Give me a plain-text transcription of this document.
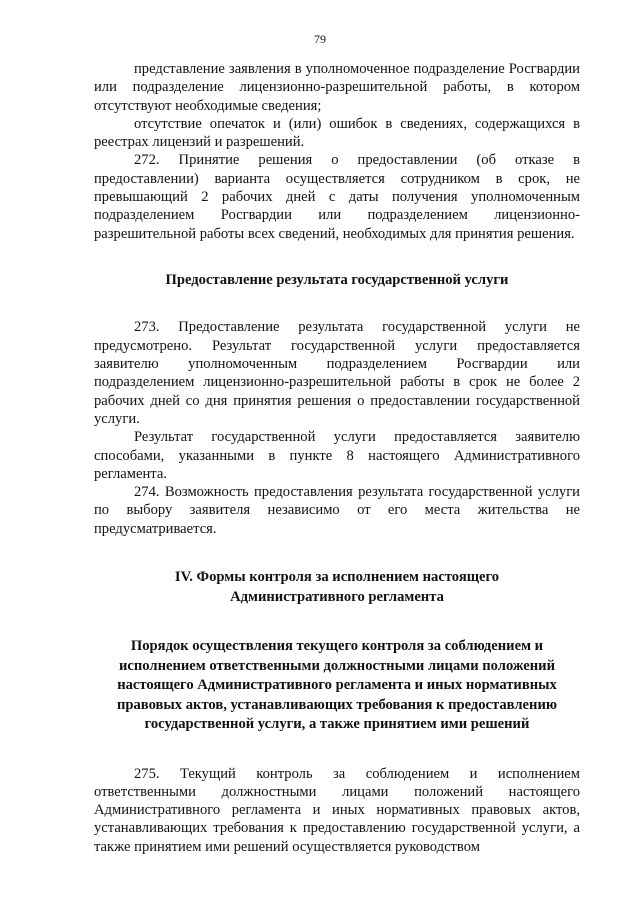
79

представление заявления в уполномоченное подразделение Росгвардии или подразделение лицензионно-разрешительной работы, в котором отсутствуют необходимые сведения;

отсутствие опечаток и (или) ошибок в сведениях, содержащихся в реестрах лицензий и разрешений.

272. Принятие решения о предоставлении (об отказе в предоставлении) варианта осуществляется сотрудником в срок, не превышающий 2 рабочих дней с даты получения уполномоченным подразделением Росгвардии или подразделением лицензионно-разрешительной работы всех сведений, необходимых для принятия решения.

Предоставление результата государственной услуги

273. Предоставление результата государственной услуги не предусмотрено. Результат государственной услуги предоставляется заявителю уполномоченным подразделением Росгвардии или подразделением лицензионно-разрешительной работы в срок не более 2 рабочих дней со дня принятия решения о предоставлении государственной услуги.

Результат государственной услуги предоставляется заявителю способами, указанными в пункте 8 настоящего Административного регламента.

274. Возможность предоставления результата государственной услуги по выбору заявителя независимо от его места жительства не предусматривается.

IV. Формы контроля за исполнением настоящего Административного регламента
Порядок осуществления текущего контроля за соблюдением и исполнением ответственными должностными лицами положений настоящего Административного регламента и иных нормативных правовых актов, устанавливающих требования к предоставлению государственной услуги, а также принятием ими решений

275. Текущий контроль за соблюдением и исполнением ответственными должностными лицами положений настоящего Административного регламента и иных нормативных правовых актов, устанавливающих требования к предоставлению государственной услуги, а также принятием ими решений осуществляется руководством
